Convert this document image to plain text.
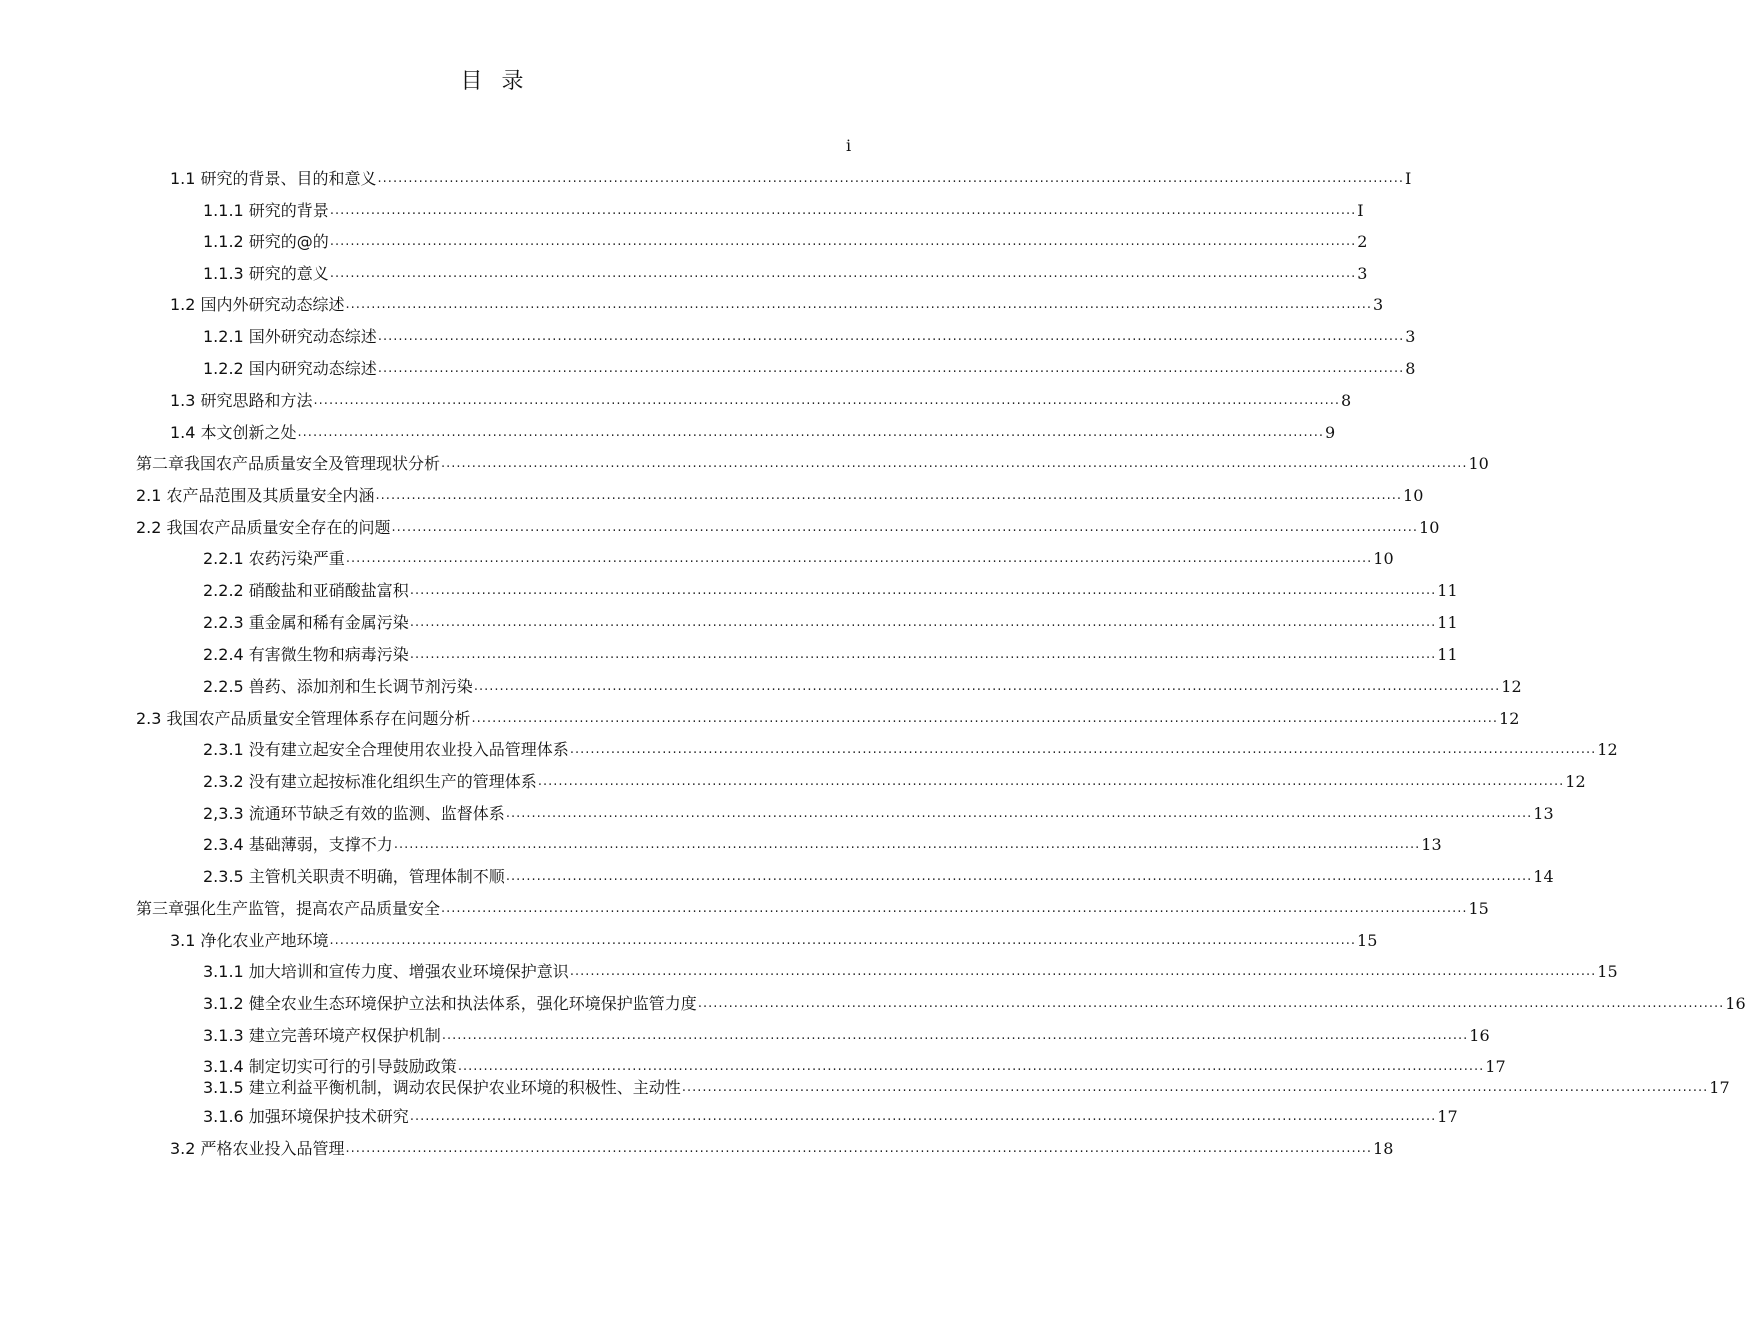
目 录
i
1.1 研究的背景、目的和意义 ........................................................................................................................................................................................................ I
1.1.1 研究的背景 ........................................................................................................................................................................................................ I
1.1.2 研究的@的 ........................................................................................................................................................................................................ 2
1.1.3 研究的意义 ........................................................................................................................................................................................................ 3
1.2 国内外研究动态综述 ........................................................................................................................................................................................................ 3
1.2.1 国外研究动态综述 ........................................................................................................................................................................................................ 3
1.2.2 国内研究动态综述 ........................................................................................................................................................................................................ 8
1.3 研究思路和方法 ........................................................................................................................................................................................................ 8
1.4 本文创新之处 ........................................................................................................................................................................................................ 9
第二章我国农产品质量安全及管理现状分析 ........................................................................................................................................................................................................ 10
2.1 农产品范围及其质量安全内涵 ........................................................................................................................................................................................................ 10
2.2 我国农产品质量安全存在的问题 ........................................................................................................................................................................................................ 10
2.2.1 农药污染严重 ........................................................................................................................................................................................................ 10
2.2.2 硝酸盐和亚硝酸盐富积 ........................................................................................................................................................................................................ 11
2.2.3 重金属和稀有金属污染 ........................................................................................................................................................................................................ 11
2.2.4 有害微生物和病毒污染 ........................................................................................................................................................................................................ 11
2.2.5 兽药、添加剂和生长调节剂污染 ........................................................................................................................................................................................................ 12
2.3 我国农产品质量安全管理体系存在问题分析 ........................................................................................................................................................................................................ 12
2.3.1 没有建立起安全合理使用农业投入品管理体系 ........................................................................................................................................................................................................ 12
2.3.2 没有建立起按标准化组织生产的管理体系 ........................................................................................................................................................................................................ 12
2,3.3 流通环节缺乏有效的监测、监督体系 ........................................................................................................................................................................................................ 13
2.3.4 基础薄弱，支撑不力 ........................................................................................................................................................................................................ 13
2.3.5 主管机关职责不明确，管理体制不顺 ........................................................................................................................................................................................................ 14
第三章强化生产监管，提高农产品质量安全 ........................................................................................................................................................................................................ 15
3.1 净化农业产地环境 ........................................................................................................................................................................................................ 15
3.1.1 加大培训和宣传力度、增强农业环境保护意识 ........................................................................................................................................................................................................ 15
3.1.2 健全农业生态环境保护立法和执法体系，强化环境保护监管力度 ........................................................................................................................................................................................................ 16
3.1.3 建立完善环境产权保护机制 ........................................................................................................................................................................................................ 16
3.1.4 制定切实可行的引导鼓励政策 ........................................................................................................................................................................................................ 17
3.1.5 建立利益平衡机制，调动农民保护农业环境的积极性、主动性 ........................................................................................................................................................................................................ 17
3.1.6 加强环境保护技术研究 ........................................................................................................................................................................................................ 17
3.2 严格农业投入品管理 ........................................................................................................................................................................................................ 18
